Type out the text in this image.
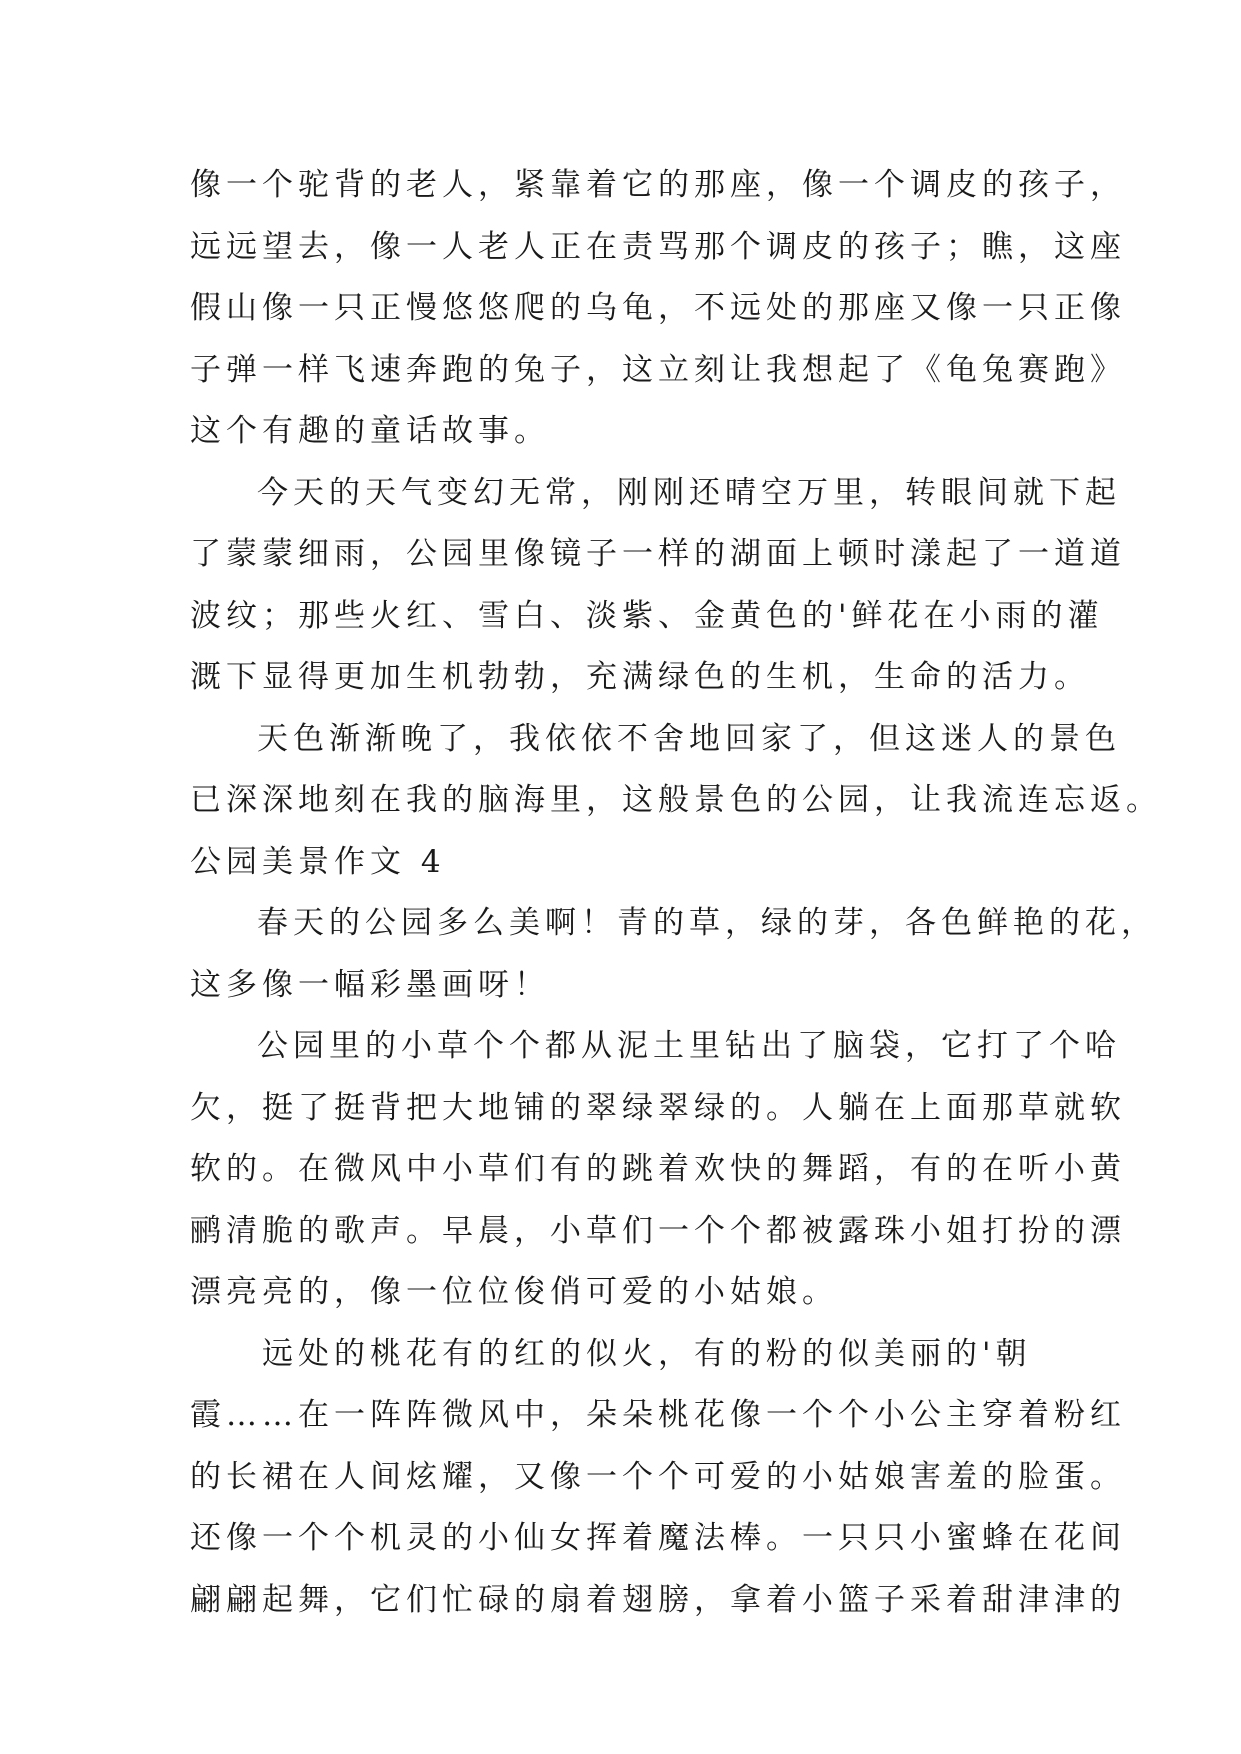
像一个驼背的老人，紧靠着它的那座，像一个调皮的孩子，
远远望去，像一人老人正在责骂那个调皮的孩子；瞧，这座
假山像一只正慢悠悠爬的乌龟，不远处的那座又像一只正像
子弹一样飞速奔跑的兔子，这立刻让我想起了《龟兔赛跑》
这个有趣的童话故事。
今天的天气变幻无常，刚刚还晴空万里，转眼间就下起
了蒙蒙细雨，公园里像镜子一样的湖面上顿时漾起了一道道
波纹；那些火红、雪白、淡紫、金黄色的'鲜花在小雨的灌
溉下显得更加生机勃勃，充满绿色的生机，生命的活力。
天色渐渐晚了，我依依不舍地回家了，但这迷人的景色
已深深地刻在我的脑海里，这般景色的公园，让我流连忘返。
公园美景作文 4
春天的公园多么美啊！青的草，绿的芽，各色鲜艳的花，
这多像一幅彩墨画呀！
公园里的小草个个都从泥土里钻出了脑袋，它打了个哈
欠，挺了挺背把大地铺的翠绿翠绿的。人躺在上面那草就软
软的。在微风中小草们有的跳着欢快的舞蹈，有的在听小黄
鹂清脆的歌声。早晨，小草们一个个都被露珠小姐打扮的漂
漂亮亮的，像一位位俊俏可爱的小姑娘。
远处的桃花有的红的似火，有的粉的似美丽的'朝
霞……在一阵阵微风中，朵朵桃花像一个个小公主穿着粉红
的长裙在人间炫耀，又像一个个可爱的小姑娘害羞的脸蛋。
还像一个个机灵的小仙女挥着魔法棒。一只只小蜜蜂在花间
翩翩起舞，它们忙碌的扇着翅膀，拿着小篮子采着甜津津的
